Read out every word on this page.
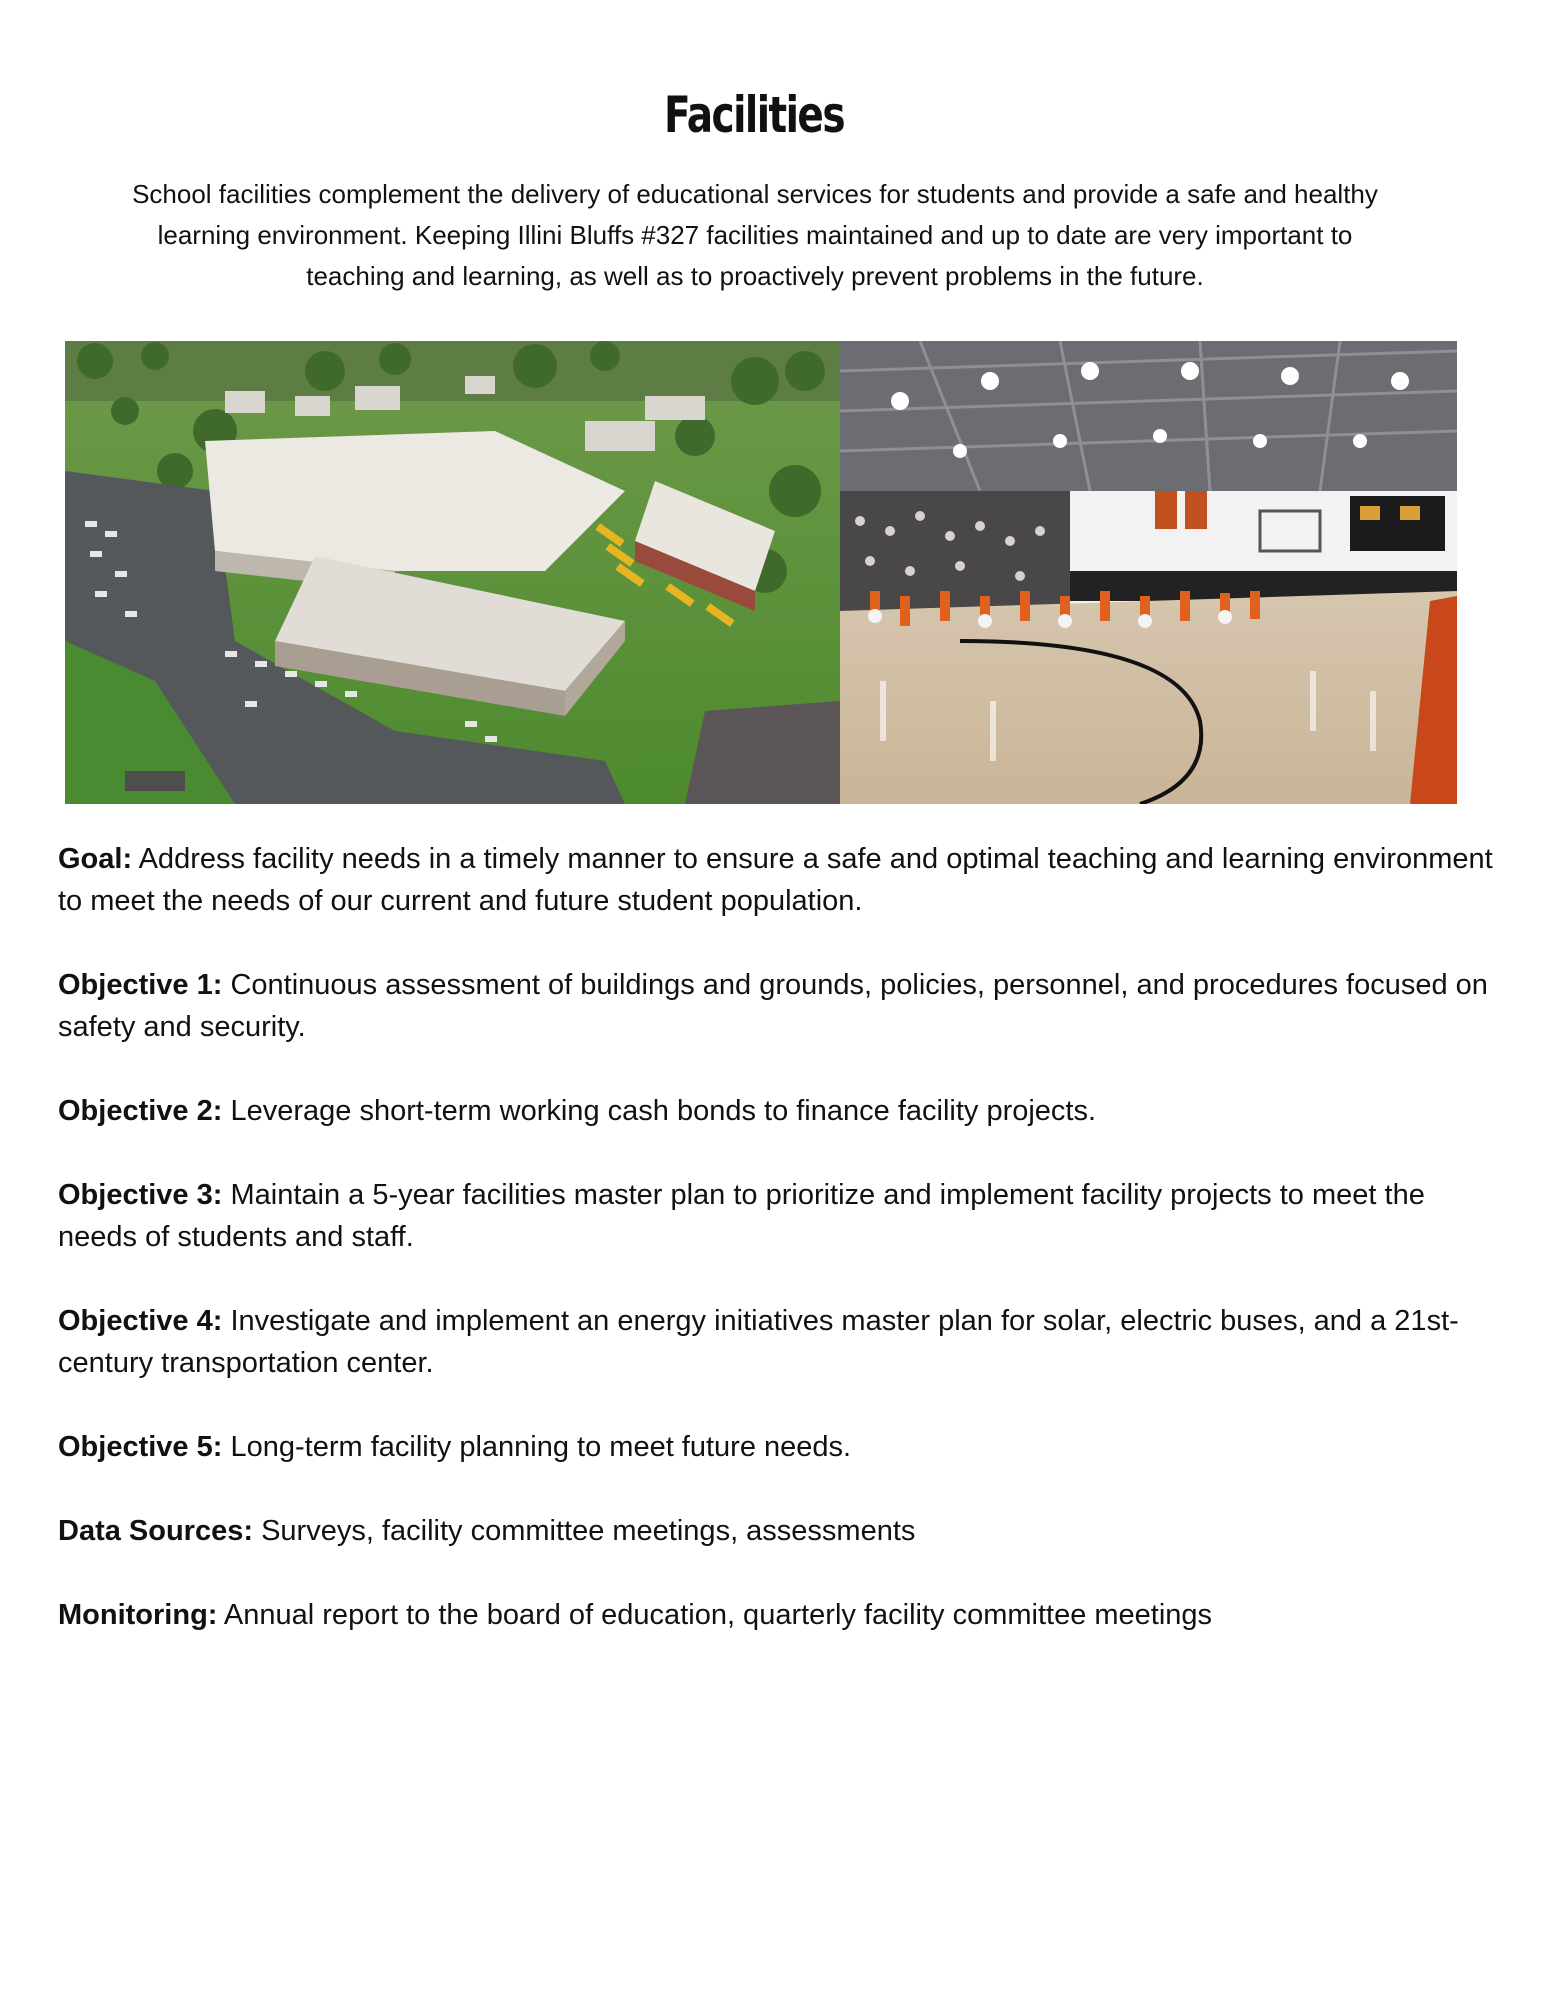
Facilities

School facilities complement the delivery of educational services for students and provide a safe and healthy learning environment. Keeping Illini Bluffs #327 facilities maintained and up to date are very important to teaching and learning, as well as to proactively prevent problems in the future.

Goal: Address facility needs in a timely manner to ensure a safe and optimal teaching and learning environment to meet the needs of our current and future student population.

Objective 1: Continuous assessment of buildings and grounds, policies, personnel, and procedures focused on safety and security.

Objective 2: Leverage short-term working cash bonds to finance facility projects.

Objective 3: Maintain a 5-year facilities master plan to prioritize and implement facility projects to meet the needs of students and staff.

Objective 4: Investigate and implement an energy initiatives master plan for solar, electric buses, and a 21st-century transportation center.

Objective 5: Long-term facility planning to meet future needs.

Data Sources: Surveys, facility committee meetings, assessments

Monitoring: Annual report to the board of education, quarterly facility committee meetings
